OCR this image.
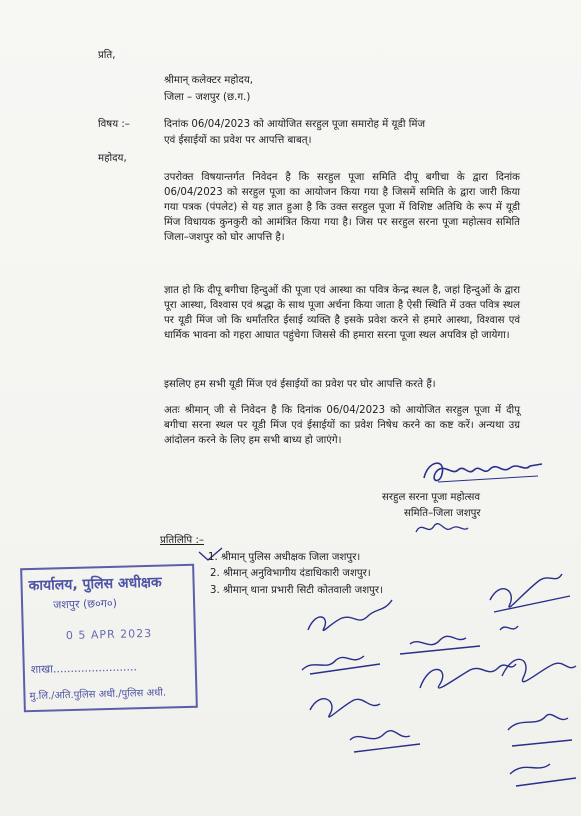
प्रति,
श्रीमान् कलेक्टर महोदय,
जिला – जशपुर (छ.ग.)
विषय :–	दिनांक 06/04/2023 को आयोजित सरहुल पूजा समारोह में यूडी मिंज
एवं ईसाईयों का प्रवेश पर आपत्ति बाबत्।
महोदय,
उपरोक्त विषयान्तर्गत निवेदन है कि सरहुल पूजा समिति दीपू बगीचा के द्वारा दिनांक 06/04/2023 को सरहुल पूजा का आयोजन किया गया है जिसमें समिति के द्वारा जारी किया गया पत्रक (पंपलेट) से यह ज्ञात हुआ है कि उक्त सरहुल पूजा में विशिष्ट अतिथि के रूप में यूडी मिंज विधायक कुनकुरी को आमंत्रित किया गया है। जिस पर सरहुल सरना पूजा महोत्सव समिति जिला–जशपुर को घोर आपत्ति है।
ज्ञात हो कि दीपू बगीचा हिन्दुओं की पूजा एवं आस्था का पवित्र केन्द्र स्थल है, जहां हिन्दुओं के द्वारा पूरा आस्था, विश्वास एवं श्रद्धा के साथ पूजा अर्चना किया जाता है ऐसी स्थिति में उक्त पवित्र स्थल पर यूडी मिंज जो कि धर्मांतरित ईसाई व्यक्ति है इसके प्रवेश करने से हमारे आस्था, विश्वास एवं धार्मिक भावना को गहरा आघात पहुंचेगा जिससे की हमारा सरना पूजा स्थल अपवित्र हो जायेगा।
इसलिए हम सभी यूडी मिंज एवं ईसाईयों का प्रवेश पर घोर आपत्ति करते हैं।
अतः श्रीमान् जी से निवेदन है कि दिनांक 06/04/2023 को आयोजित सरहुल पूजा में दीपू बगीचा सरना स्थल पर यूडी मिंज एवं ईसाईयों का प्रवेश निषेध करने का कष्ट करें। अन्यथा उग्र आंदोलन करने के लिए हम सभी बाध्य हो जाएंगे।
सरहुल सरना पूजा महोत्सव
समिति–जिला जशपुर
प्रतिलिपि :–
1. श्रीमान् पुलिस अधीक्षक जिला जशपुर।
2. श्रीमान् अनुविभागीय दंडाधिकारी जशपुर।
3. श्रीमान् थाना प्रभारी सिटी कोतवाली जशपुर।
कार्यालय, पुलिस अधीक्षक
जशपुर (छ०ग०)
0 5 APR 2023
शाखा........................
मु.लि./अति.पुलिस अधी./पुलिस अधी.
